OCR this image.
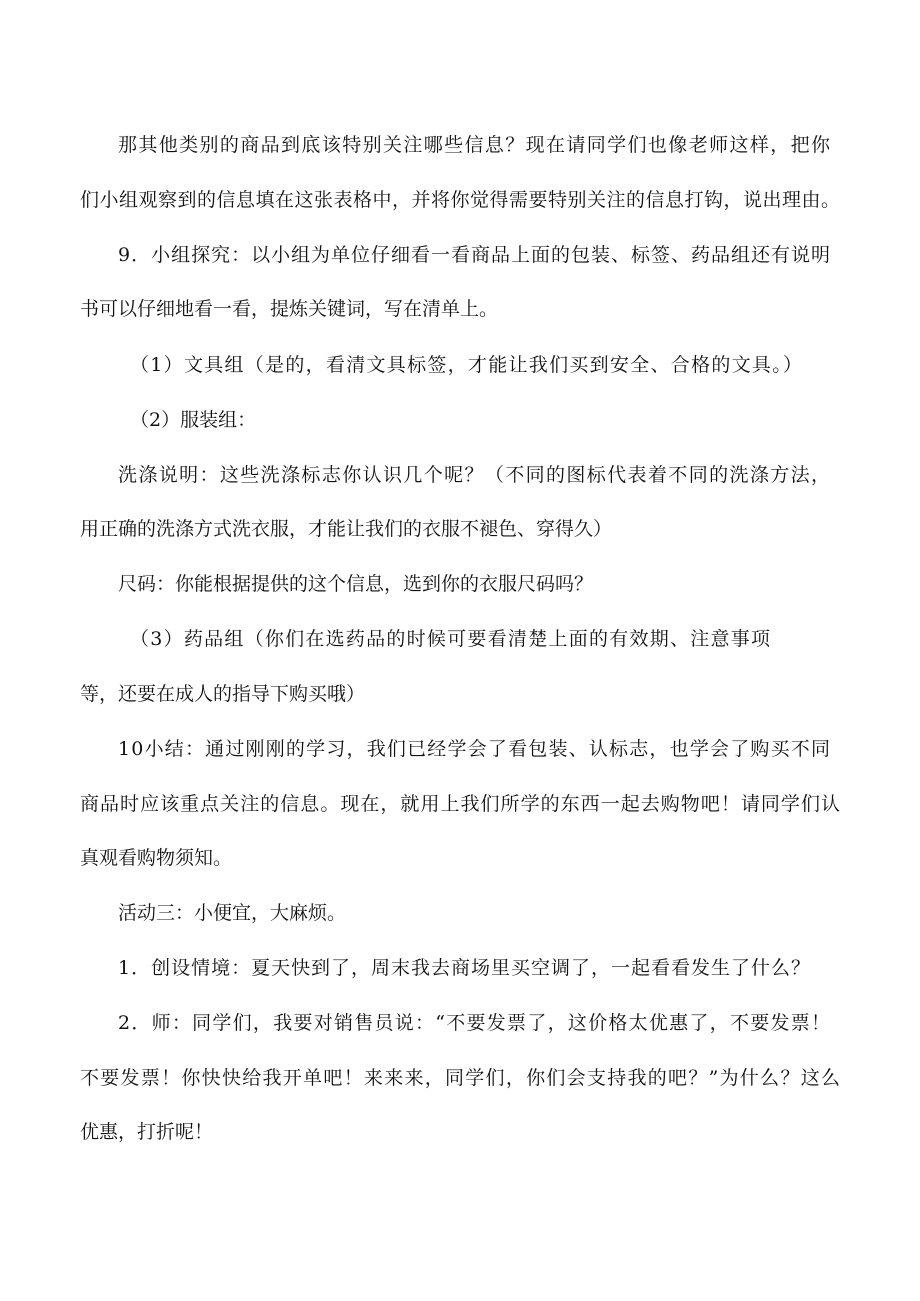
那其他类别的商品到底该特别关注哪些信息？现在请同学们也像老师这样，把你
们小组观察到的信息填在这张表格中，并将你觉得需要特别关注的信息打钩，说出理由。
9．小组探究：以小组为单位仔细看一看商品上面的包装、标签、药品组还有说明
书可以仔细地看一看，提炼关键词，写在清单上。
（1）文具组（是的，看清文具标签，才能让我们买到安全、合格的文具。）
（2）服装组：
洗涤说明：这些洗涤标志你认识几个呢？（不同的图标代表着不同的洗涤方法，
用正确的洗涤方式洗衣服，才能让我们的衣服不褪色、穿得久）
尺码：你能根据提供的这个信息，选到你的衣服尺码吗？
（3）药品组（你们在选药品的时候可要看清楚上面的有效期、注意事项
等，还要在成人的指导下购买哦）
10小结：通过刚刚的学习，我们已经学会了看包装、认标志，也学会了购买不同
商品时应该重点关注的信息。现在，就用上我们所学的东西一起去购物吧！请同学们认
真观看购物须知。
活动三：小便宜，大麻烦。
1．创设情境：夏天快到了，周末我去商场里买空调了，一起看看发生了什么？
2．师：同学们，我要对销售员说：“不要发票了，这价格太优惠了，不要发票！
不要发票！你快快给我开单吧！来来来，同学们，你们会支持我的吧？”为什么？这么
优惠，打折呢！
